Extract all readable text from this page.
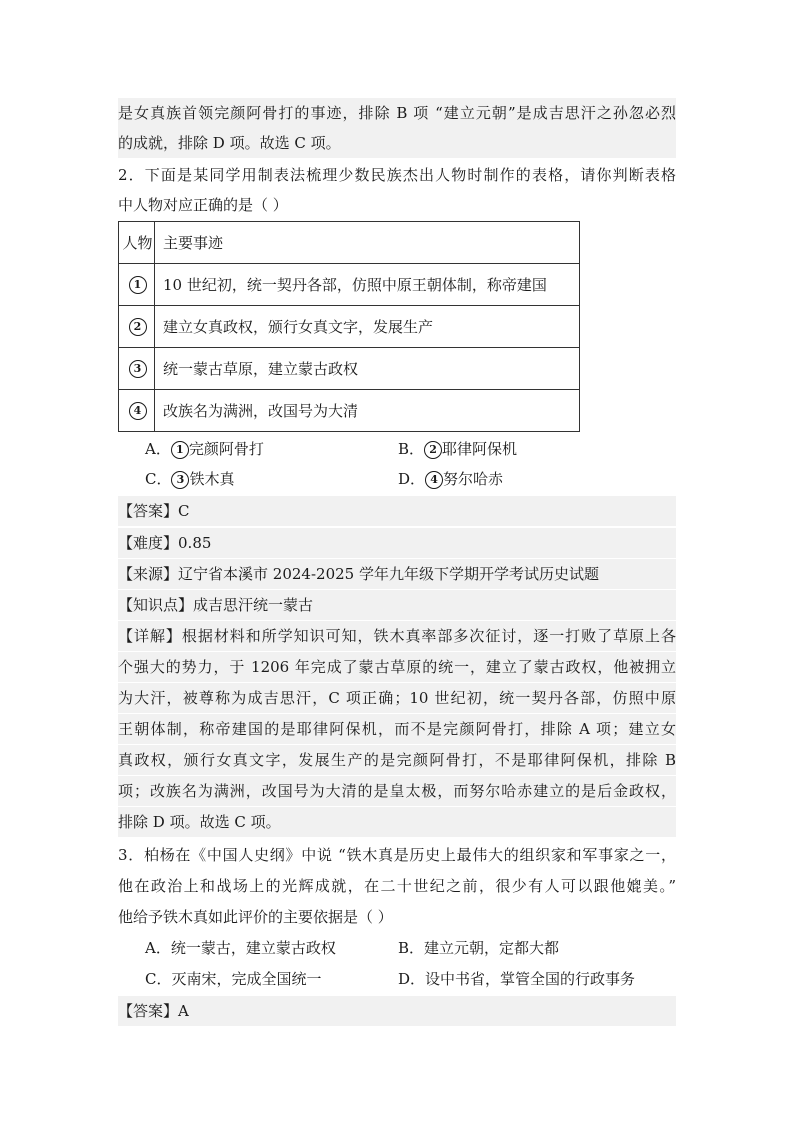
是女真族首领完颜阿骨打的事迹，排除 B 项 “建立元朝”是成吉思汗之孙忽必烈
的成就，排除 D 项。故选 C 项。
2．下面是某同学用制表法梳理少数民族杰出人物时制作的表格，请你判断表格
中人物对应正确的是（ ）
人物	主要事迹
1	10 世纪初，统一契丹各部，仿照中原王朝体制，称帝建国
2	建立女真政权，颁行女真文字，发展生产
3	统一蒙古草原，建立蒙古政权
4	改族名为满洲，改国号为大清
A． 1 完颜阿骨打	B． 2 耶律阿保机
C． 3 铁木真	D． 4 努尔哈赤
【答案】C
【难度】0.85
【来源】辽宁省本溪市 2024-2025 学年九年级下学期开学考试历史试题
【知识点】成吉思汗统一蒙古
【详解】根据材料和所学知识可知，铁木真率部多次征讨，逐一打败了草原上各
个强大的势力，于 1206 年完成了蒙古草原的统一，建立了蒙古政权，他被拥立
为大汗，被尊称为成吉思汗，C 项正确；10 世纪初，统一契丹各部，仿照中原
王朝体制，称帝建国的是耶律阿保机，而不是完颜阿骨打，排除 A 项；建立女
真政权，颁行女真文字，发展生产的是完颜阿骨打，不是耶律阿保机，排除 B
项；改族名为满洲，改国号为大清的是皇太极，而努尔哈赤建立的是后金政权，
排除 D 项。故选 C 项。
3．柏杨在《中国人史纲》中说 “铁木真是历史上最伟大的组织家和军事家之一，
他在政治上和战场上的光辉成就，在二十世纪之前，很少有人可以跟他媲美。”
他给予铁木真如此评价的主要依据是（ ）
A．统一蒙古，建立蒙古政权	B．建立元朝，定都大都
C．灭南宋，完成全国统一	D．设中书省，掌管全国的行政事务
【答案】A
